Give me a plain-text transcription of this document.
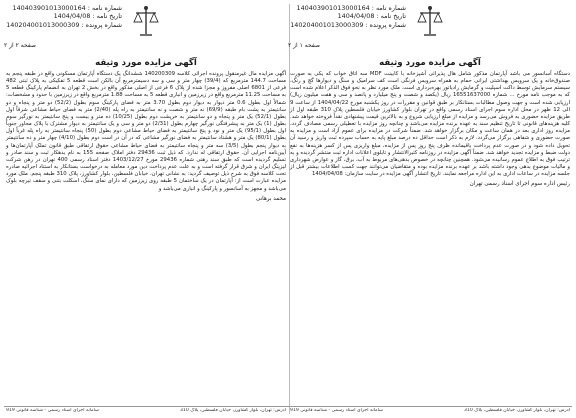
شماره نامه : 140403901013000164
تاریخ نامه : 1404/04/08
شماره پرونده : 140204001013000309
صفحه ۱ از ۲
آگهی مزایده مورد وثیقه

دستگاه آسانسور می باشد آپارتمان مذکور شامل هال پذیرائی آشپزخانه با کابینت MDF سه اتاق خواب که یکی به صورت صندوق‌خانه و یک سرویس بهداشتی ایرانی حمام به همراه سرویس فرنگی است کف سرامیک و سنگ و دیوارها گچ و رنگ، سیستم سرمایش توسط داکت اسپلیت و گرمایش رادیاتور بهره‌برداری است. ملک مورد نظر به نحو فوق الذکر اعلام شده است که به موجب نامه مورخ ... شماره 16551637000 ریال (یکصد و شصت و پنج میلیارد و پانصد و سی و هفت میلیون ریال) ارزیابی شده است و جهت وصول مطالبات بستانکار بر طبق قوانین و مقررات در روز یکشنبه مورخ 1404/04/22 از ساعت 9 الی 12 ظهر در محل اداره سوم اجرای اسناد رسمی واقع در تهران بلوار کشاورز خیابان فلسطین پلاک 310 طبقه اول از طریق مزایده حضوری به فروش می‌رسد و مزایده از مبلغ ارزیابی شروع و به بالاترین قیمت پیشنهادی نقداً فروخته خواهد شد. کلیه هزینه‌های قانونی تا تاریخ تنظیم سند به عهده برنده مزایده می‌باشد و چنانچه روز مزایده با تعطیلی رسمی مصادف گردد، مزایده روز اداری بعد در همان ساعت و مکان برگزار خواهد شد. ضمناً شرکت در مزایده برای عموم آزاد است و مزایده به صورت حضوری و شفاهی برگزار می‌گردد. لازم به ذکر است حداقل ده درصد مبلغ پایه به حساب سپرده ثبت واریز و رسید آن تحویل داده شود و در صورت عدم پرداخت باقیمانده ظرف پنج روز پس از مزایده، مبلغ واریزی پس از کسر هزینه‌ها به نفع دولت ضبط و مزایده تجدید خواهد شد. ضمناً آگهی مزایده در روزنامه کثیرالانتشار و تابلوی اعلانات اداره ثبت منتشر گردیده و به ترتیب فوق به اطلاع عموم رسانیده می‌شود. همچنین چنانچه در خصوص بدهی‌های مربوط به آب، برق، گاز و عوارض شهرداری و مالیات موضوع بدهی وجود داشته باشد بر عهده برنده مزایده بوده و متقاضیان می‌توانند جهت کسب اطلاعات بیشتر قبل از جلسه مزایده در ساعات اداری به این اداره مراجعه نمایند. تاریخ انتشار آگهی مزایده در سایت سازمان: 1404/04/08

رئیس اداره سوم اجرای اسناد رسمی تهران
آدرس: تهران، بلوار کشاورز، خیابان فلسطین، پلاک 310
سامانه اجرای اسناد رسمی - شناسه قانونی 919
شماره نامه : 140403901013000164
تاریخ نامه : 1404/04/08
شماره پرونده : 140204001013000309
صفحه ۲ از ۲
آگهی مزایده مورد وثیقه

آگهی مزایده مال غیرمنقول پرونده اجرائی کلاسه 140200309 ششدانگ یک دستگاه آپارتمان مسکونی واقع در طبقه پنجم به مساحت 144.7 مترمربع که (39/4) چهار متر و سی و سه دسیمترمربع آن بالکن است قطعه 5 تفکیکی به پلاک ثبتی 482 فرعی از 6801 اصلی مفروز و مجزا شده از پلاک 6 فرعی از اصلی مذکور واقع در بخش 2 تهران به انضمام پارکینگ قطعه 5 به مساحت 11.25 مترمربع واقع در زیرزمین و انباری قطعه 5 به مساحت 1.88 مترمربع واقع در زیرزمین با حدود و مشخصات: شمالاً اول بطول 0.6 متر دیوار به دیوار دوم بطول 3.70 متر به فضای پارکینگ سوم بطول (52/2) دو متر و پنجاه و دو سانتیمتر به پشت بام طبقه (69/9) نه متر و شصت و نه سانتیمتر به راه پله (2/40) متر به فضای حیاط مشاعی شرقاً اول بطول (52/1) یک متر و پنجاه و دو سانتیمتر به خرپشت دوم بطول (10/25) ده متر و بیست و پنج سانتیمتر به نورگیر سوم بطول (1) یک متر به پیشرفتگی نورگیر چهارم بطول (2/31) دو متر و سی و یک سانتیمتر به دیوار مشترک با پلاک مجاور جنوباً اول بطول (95/1) یک متر و نود و پنج سانتیمتر به فضای حیاط مشاعی دوم بطول (50) پنجاه سانتیمتر به راه پله غرباً اول بطول (80/1) یک متر و هشتاد سانتیمتر به فضای نورگیر مشاعی که در آن در است دوم بطول (4/10) چهار متر و ده سانتیمتر به دیوار پنجم بطول (3/5) سه متر و پنجاه سانتیمتر به فضای حیاط مشاعی حقوق ارتفاقی طبق قانون تملک آپارتمان‌ها و آیین‌نامه اجرایی آن. حقوق ارتفاقی له ندارد. که ذیل ثبت 29436 دفتر املاک صفحه 155 به نام بدهکار ثبت و سند صادر و تسلیم گردیده است که طبق سند رهنی شماره 29436 مورخ 1403/12/27 دفتر اسناد رسمی 400 تهران در رهن شرکت لیزینگ ایران و شرق قرار گرفته است و به علت عدم پرداخت دین مورد معامله به درخواست بستانکار به استناد اجرائیه صادره تحت کلاسه فوق به شرح ذیل توصیف گردید: به نشانی تهران، خیابان فلسطین، بلوار کشاورز، پلاک 310 طبقه پنجم. ملک مورد مزایده عبارت است از: آپارتمان در یک ساختمان 5 طبقه روی زیرزمین که دارای نمای سنگ، اسکلت بتنی و سقف تیرچه بلوک می‌باشد و مجهز به آسانسور و پارکینگ و انباری می‌باشد و

محمد برهانی
آدرس: تهران، بلوار کشاورز، خیابان فلسطین، پلاک 310
سامانه اجرای اسناد رسمی - شناسه قانونی 919
